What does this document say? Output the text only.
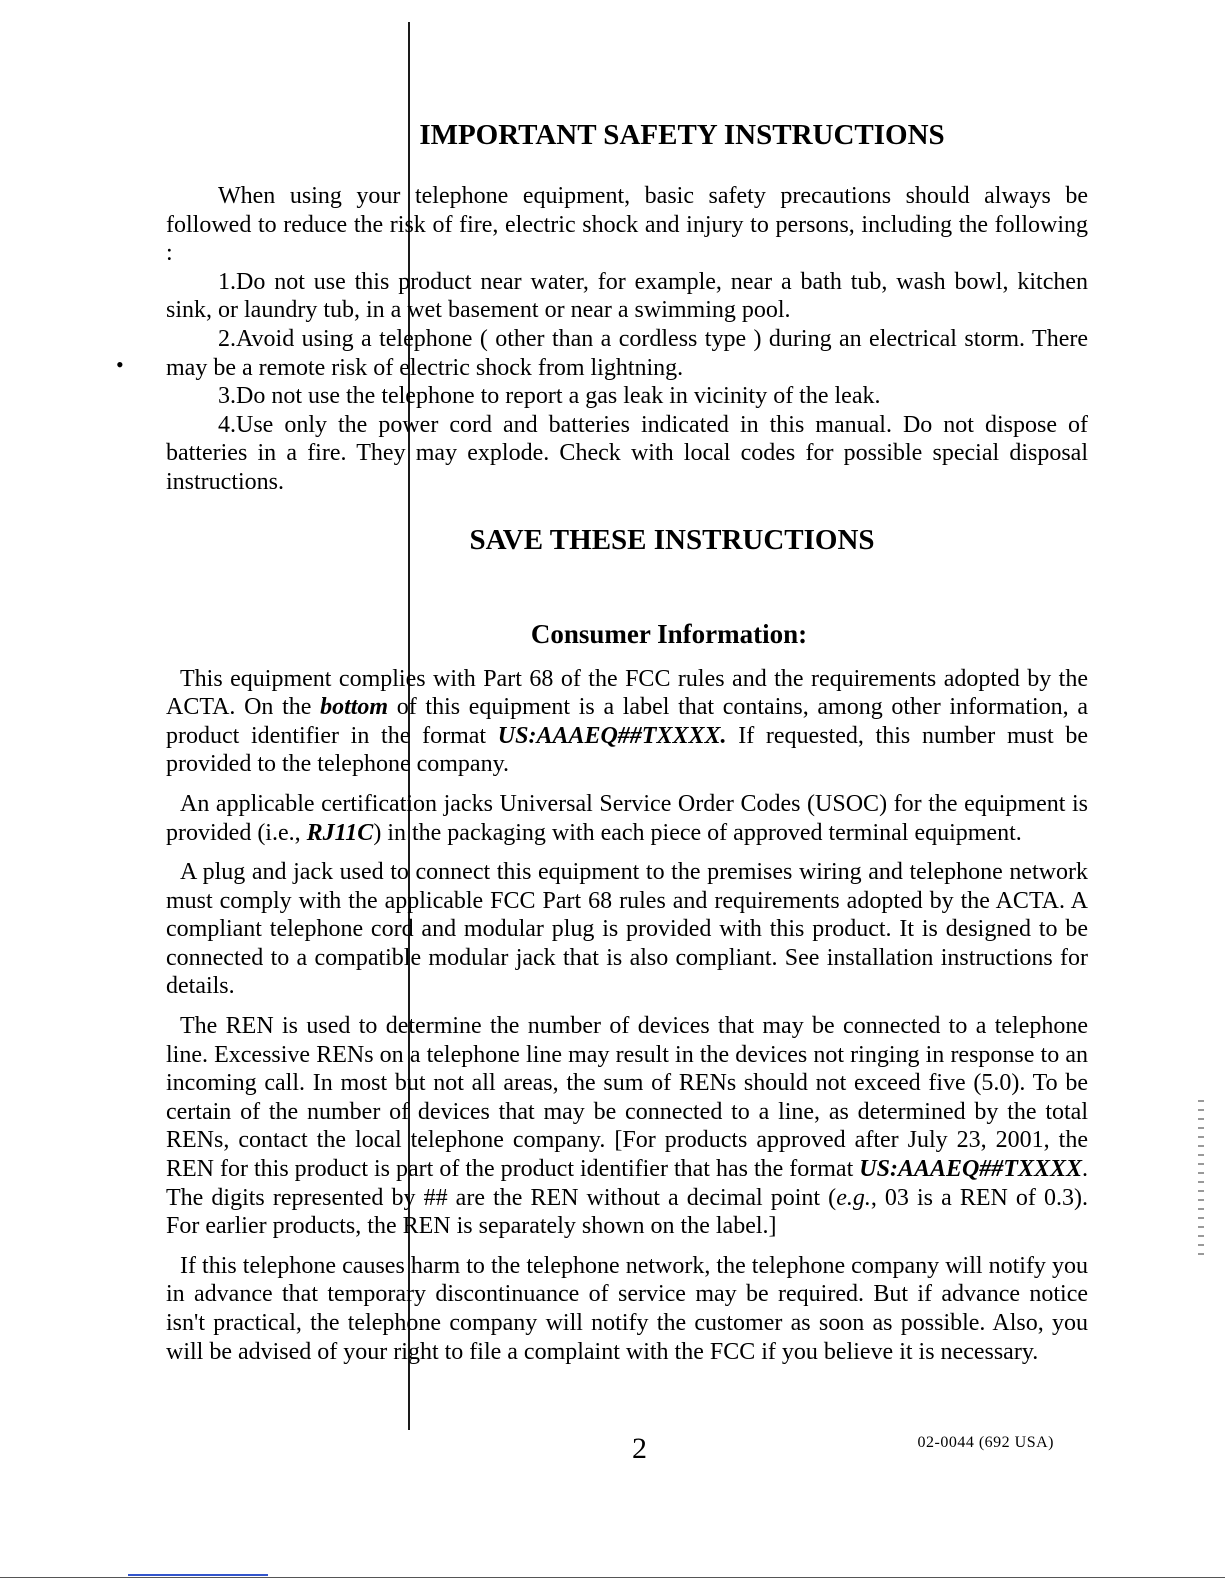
•
IMPORTANT SAFETY INSTRUCTIONS

When using your telephone equipment, basic safety precautions should always be followed to reduce the risk of fire, electric shock and injury to persons, including the following :

1.Do not use this product near water, for example, near a bath tub, wash bowl, kitchen sink, or laundry tub, in a wet basement or near a swimming pool.

2.Avoid using a telephone ( other than a cordless type ) during an electrical storm. There may be a remote risk of electric shock from lightning.

3.Do not use the telephone to report a gas leak in vicinity of the leak.

4.Use only the power cord and batteries indicated in this manual. Do not dispose of batteries in a fire. They may explode. Check with local codes for possible special disposal instructions.

SAVE THESE INSTRUCTIONS
Consumer Information:

This equipment complies with Part 68 of the FCC rules and the requirements adopted by the ACTA. On the bottom of this equipment is a label that contains, among other information, a product identifier in the format US:AAAEQ##TXXXX. If requested, this number must be provided to the telephone company.

An applicable certification jacks Universal Service Order Codes (USOC) for the equipment is provided (i.e., RJ11C) in the packaging with each piece of approved terminal equipment.

A plug and jack used to connect this equipment to the premises wiring and telephone network must comply with the applicable FCC Part 68 rules and requirements adopted by the ACTA. A compliant telephone cord and modular plug is provided with this product. It is designed to be connected to a compatible modular jack that is also compliant. See installation instructions for details.

The REN is used to determine the number of devices that may be connected to a telephone line. Excessive RENs on a telephone line may result in the devices not ringing in response to an incoming call. In most but not all areas, the sum of RENs should not exceed five (5.0). To be certain of the number of devices that may be connected to a line, as determined by the total RENs, contact the local telephone company. [For products approved after July 23, 2001, the REN for this product is part of the product identifier that has the format US:AAAEQ##TXXXX. The digits represented by ## are the REN without a decimal point (e.g., 03 is a REN of 0.3). For earlier products, the REN is separately shown on the label.]

If this telephone causes harm to the telephone network, the telephone company will notify you in advance that temporary discontinuance of service may be required. But if advance notice isn't practical, the telephone company will notify the customer as soon as possible. Also, you will be advised of your right to file a complaint with the FCC if you believe it is necessary.

2	02-0044 (692 USA)
